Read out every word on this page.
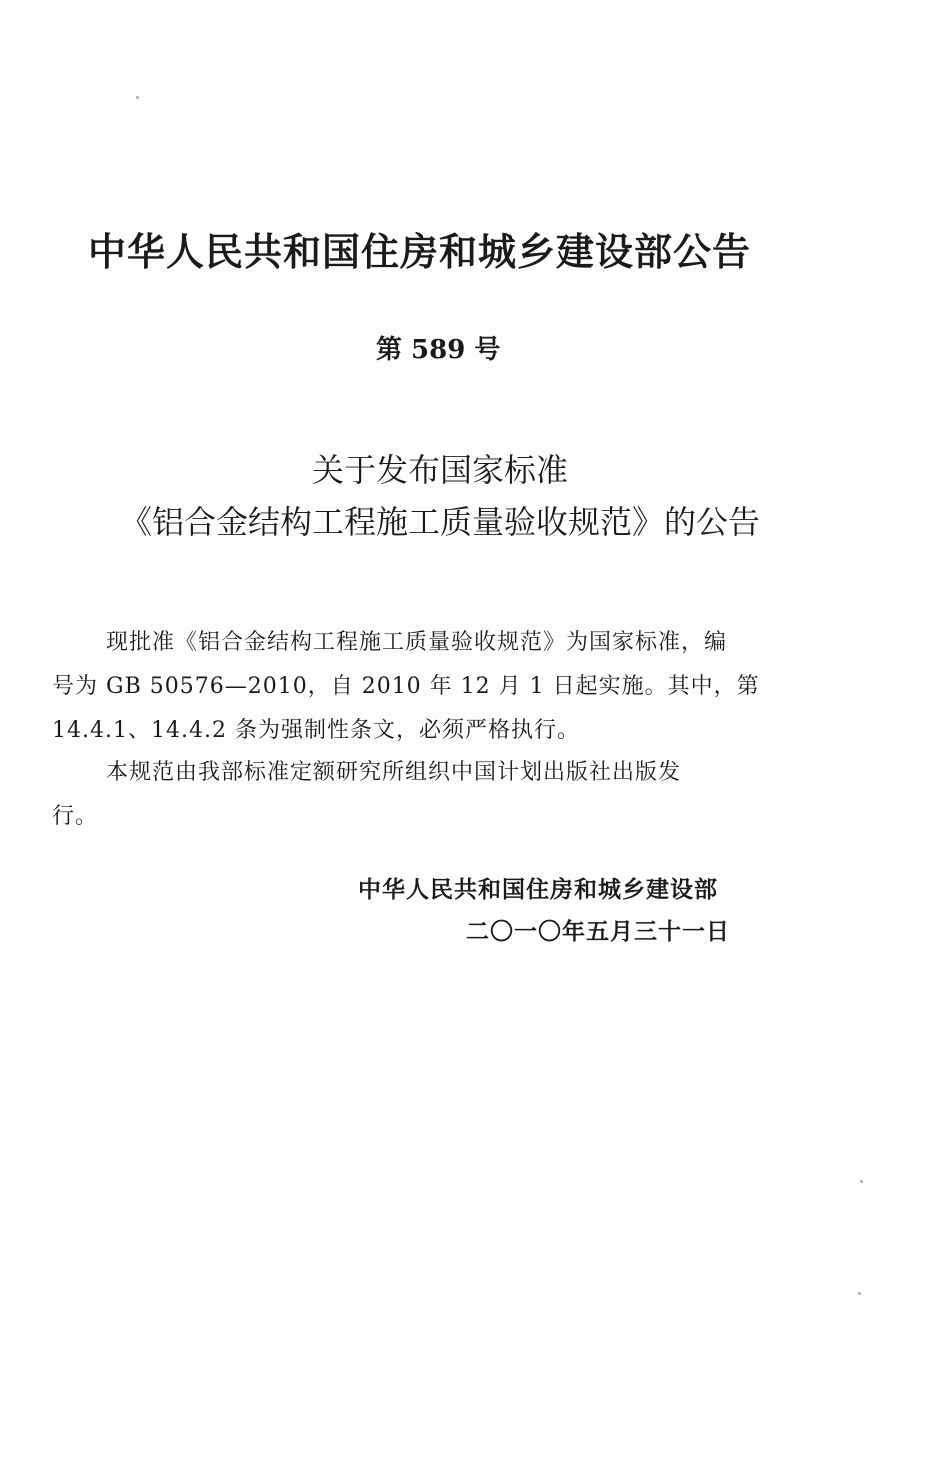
中华人民共和国住房和城乡建设部公告
第 589 号
关于发布国家标准
《铝合金结构工程施工质量验收规范》的公告
现批准《铝合金结构工程施工质量验收规范》为国家标准，编
号为 GB 50576—2010，自 2010 年 12 月 1 日起实施。其中，第
14.4.1、14.4.2 条为强制性条文，必须严格执行。
本规范由我部标准定额研究所组织中国计划出版社出版发
行。
中华人民共和国住房和城乡建设部
二〇一〇年五月三十一日
